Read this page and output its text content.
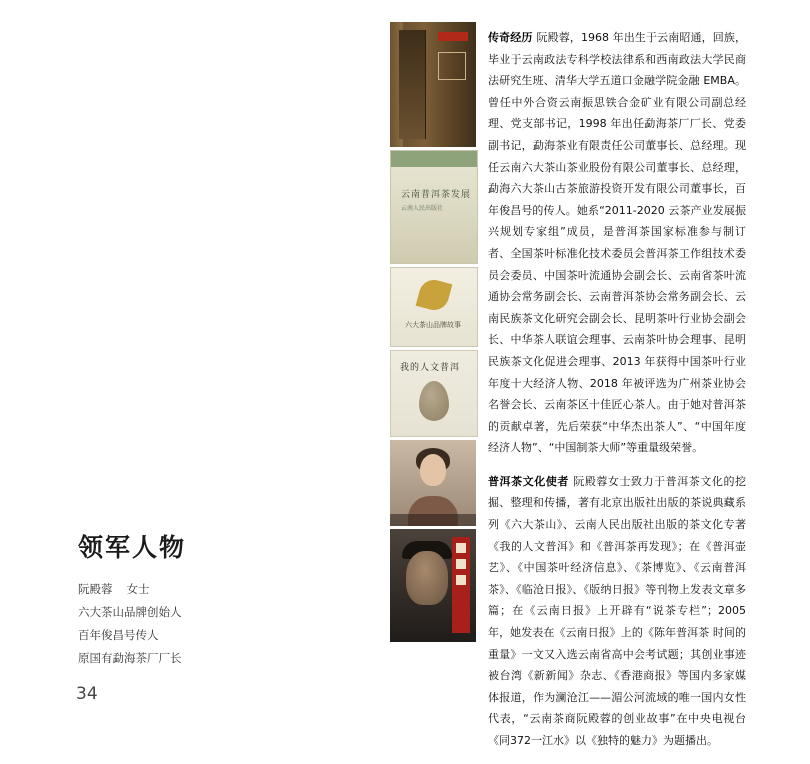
领军人物
阮殿蓉 女士
六大茶山品牌创始人
百年俊昌号传人
原国有勐海茶厂厂长
34
云南普洱茶发展
云南人民出版社
六大茶山品牌故事
我的人文普洱

传奇经历 阮殿蓉，1968 年出生于云南昭通，回族，毕业于云南政法专科学校法律系和西南政法大学民商法研究生班、清华大学五道口金融学院金融 EMBA。曾任中外合资云南振思铁合金矿业有限公司副总经理、党支部书记，1998 年出任勐海茶厂厂长、党委副书记，勐海茶业有限责任公司董事长、总经理。现任云南六大茶山茶业股份有限公司董事长、总经理，勐海六大茶山古茶旅游投资开发有限公司董事长，百年俊昌号的传人。她系“2011-2020 云茶产业发展振兴规划专家组”成员，是普洱茶国家标准参与制订者、全国茶叶标准化技术委员会普洱茶工作组技术委员会委员、中国茶叶流通协会副会长、云南省茶叶流通协会常务副会长、云南普洱茶协会常务副会长、云南民族茶文化研究会副会长、昆明茶叶行业协会副会长、中华茶人联谊会理事、云南茶叶协会理事、昆明民族茶文化促进会理事、2013 年获得中国茶叶行业年度十大经济人物、2018 年被评选为广州茶业协会名誉会长、云南茶区十佳匠心茶人。由于她对普洱茶的贡献卓著，先后荣获“中华杰出茶人”、“中国年度经济人物”、“中国制茶大师”等重量级荣誉。

普洱茶文化使者 阮殿蓉女士致力于普洱茶文化的挖掘、整理和传播，著有北京出版社出版的茶说典藏系列《六大茶山》、云南人民出版社出版的茶文化专著《我的人文普洱》和《普洱茶再发现》；在《普洱壶艺》、《中国茶叶经济信息》、《茶博览》、《云南普洱茶》、《临沧日报》、《版纳日报》等刊物上发表文章多篇；在《云南日报》上开辟有“说茶专栏”；2005 年，她发表在《云南日报》上的《陈年普洱茶 时间的重量》一文又入选云南省高中会考试题；其创业事迹被台湾《新新闻》杂志、《香港商报》等国内多家媒体报道，作为澜沧江——湄公河流域的唯一国内女性代表，“云南茶商阮殿蓉的创业故事”在中央电视台《同372一江水》以《独特的魅力》为题播出。
